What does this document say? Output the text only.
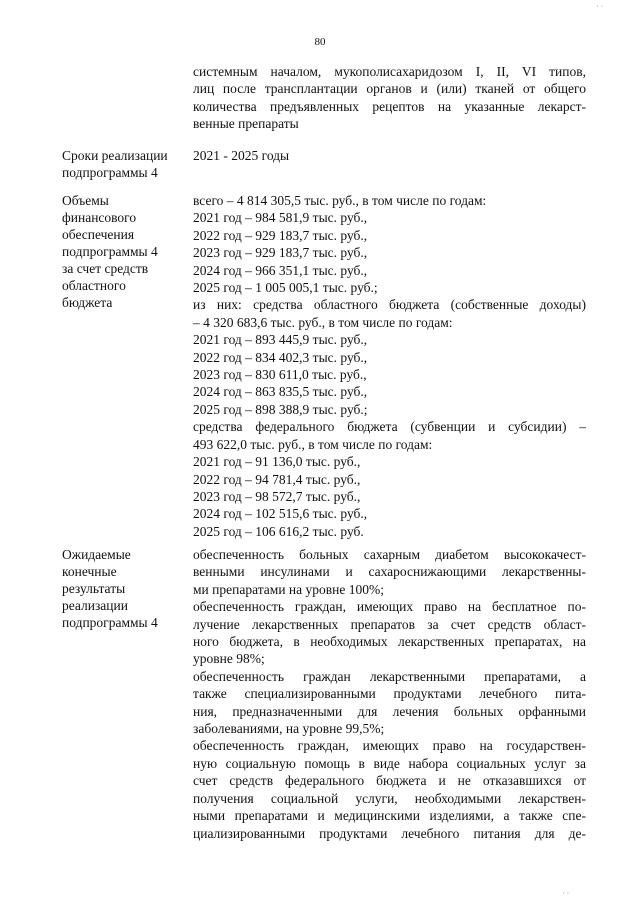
80
системным началом, мукополисахаридозом I, II, VI типов,
лиц после трансплантации органов и (или) тканей от общего
количества предъявленных рецептов на указанные лекарст-
венные препараты
Сроки реализации
подпрограммы 4
2021 - 2025 годы
Объемы
финансового
обеспечения
подпрограммы 4
за счет средств
областного
бюджета
всего – 4 814 305,5 тыс. руб., в том числе по годам:
2021 год – 984 581,9 тыс. руб.,
2022 год – 929 183,7 тыс. руб.,
2023 год – 929 183,7 тыс. руб.,
2024 год – 966 351,1 тыс. руб.,
2025 год – 1 005 005,1 тыс. руб.;
из них: средства областного бюджета (собственные доходы)
– 4 320 683,6 тыс. руб., в том числе по годам:
2021 год – 893 445,9 тыс. руб.,
2022 год – 834 402,3 тыс. руб.,
2023 год – 830 611,0 тыс. руб.,
2024 год – 863 835,5 тыс. руб.,
2025 год – 898 388,9 тыс. руб.;
средства федерального бюджета (субвенции и субсидии) –
493 622,0 тыс. руб., в том числе по годам:
2021 год – 91 136,0 тыс. руб.,
2022 год – 94 781,4 тыс. руб.,
2023 год – 98 572,7 тыс. руб.,
2024 год – 102 515,6 тыс. руб.,
2025 год – 106 616,2 тыс. руб.
Ожидаемые
конечные
результаты
реализации
подпрограммы 4
обеспеченность больных сахарным диабетом высококачест-
венными инсулинами и сахароснижающими лекарственны-
ми препаратами на уровне 100%;
обеспеченность граждан, имеющих право на бесплатное по-
лучение лекарственных препаратов за счет средств област-
ного бюджета, в необходимых лекарственных препаратах, на
уровне 98%;
обеспеченность граждан лекарственными препаратами, а
также специализированными продуктами лечебного пита-
ния, предназначенными для лечения больных орфанными
заболеваниями, на уровне 99,5%;
обеспеченность граждан, имеющих право на государствен-
ную социальную помощь в виде набора социальных услуг за
счет средств федерального бюджета и не отказавшихся от
получения социальной услуги, необходимыми лекарствен-
ными препаратами и медицинскими изделиями, а также спе-
циализированными продуктами лечебного питания для де-
· ·
· ·
